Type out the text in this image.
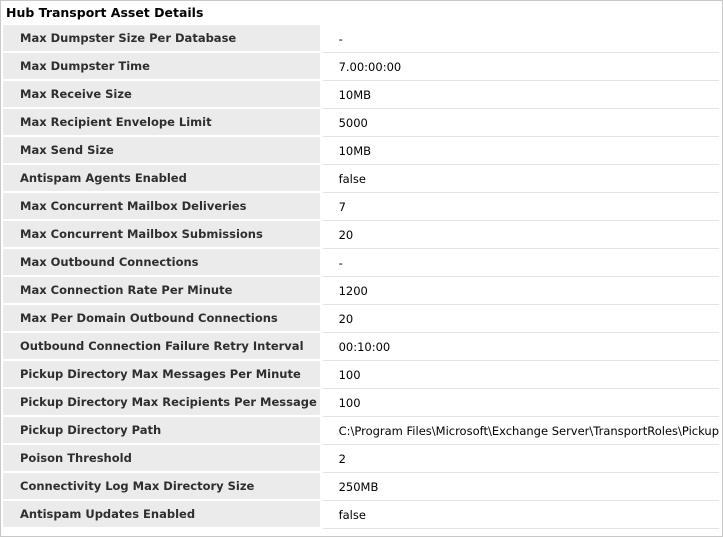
Hub Transport Asset Details
Max Dumpster Size Per Database		-
Max Dumpster Time		7.00:00:00
Max Receive Size		10MB
Max Recipient Envelope Limit		5000
Max Send Size		10MB
Antispam Agents Enabled		false
Max Concurrent Mailbox Deliveries		7
Max Concurrent Mailbox Submissions		20
Max Outbound Connections		-
Max Connection Rate Per Minute		1200
Max Per Domain Outbound Connections		20
Outbound Connection Failure Retry Interval		00:10:00
Pickup Directory Max Messages Per Minute		100
Pickup Directory Max Recipients Per Message		100
Pickup Directory Path		C:\Program Files\Microsoft\Exchange Server\TransportRoles\Pickup
Poison Threshold		2
Connectivity Log Max Directory Size		250MB
Antispam Updates Enabled		false
